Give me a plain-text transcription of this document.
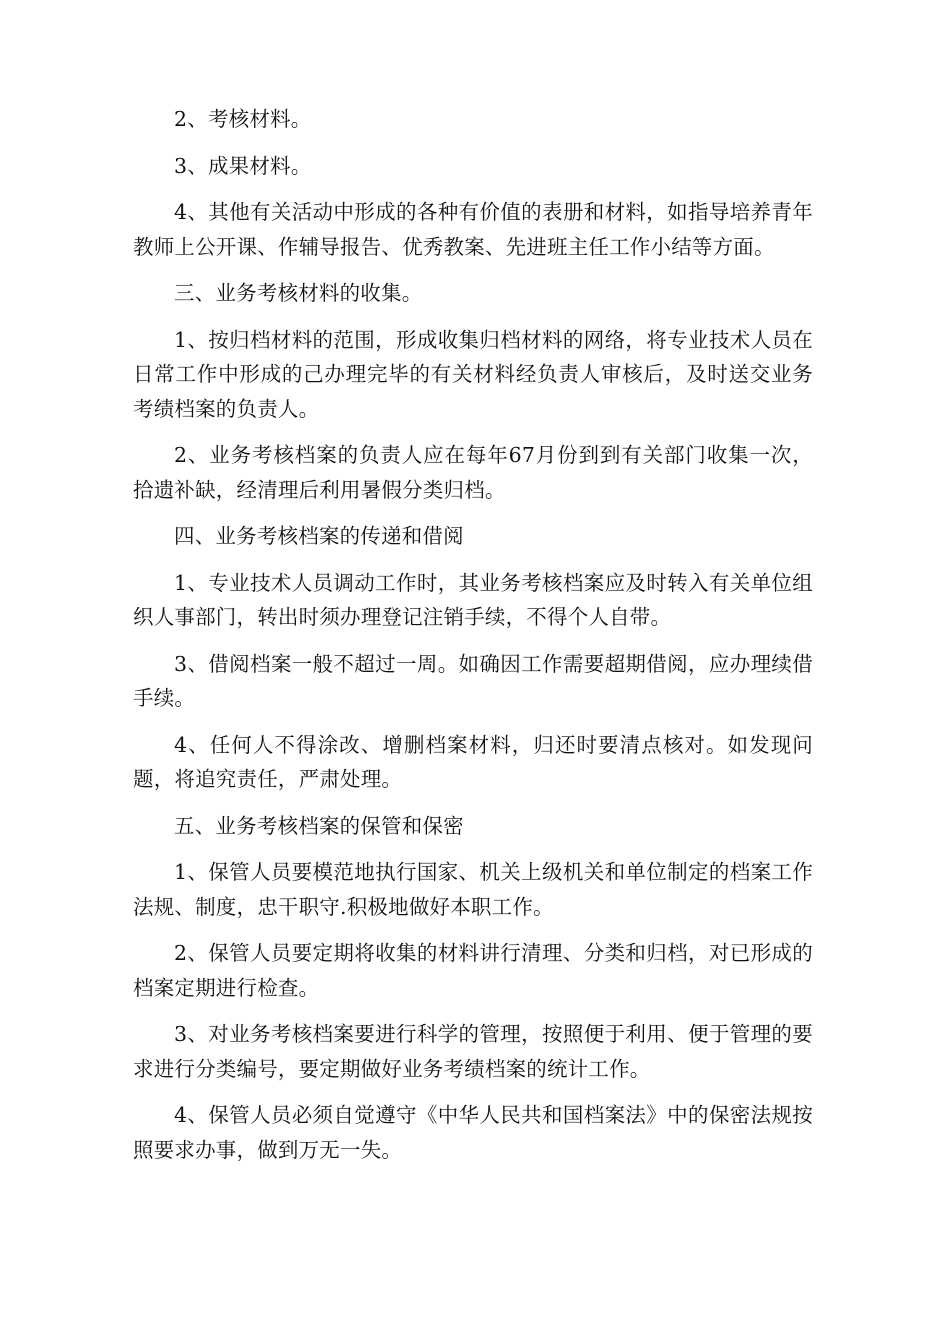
2、考核材料。

3、成果材料。

4、其他有关活动中形成的各种有价值的表册和材料，如指导培养青年教师上公开课、作辅导报告、优秀教案、先进班主任工作小结等方面。

三、业务考核材料的收集。

1、按归档材料的范围，形成收集归档材料的网络，将专业技术人员在日常工作中形成的己办理完毕的有关材料经负责人审核后，及时送交业务考绩档案的负责人。

2、业务考核档案的负责人应在每年67月份到到有关部门收集一次，拾遗补缺，经清理后利用暑假分类归档。

四、业务考核档案的传递和借阅

1、专业技术人员调动工作时，其业务考核档案应及时转入有关单位组织人事部门，转出时须办理登记注销手续，不得个人自带。

3、借阅档案一般不超过一周。如确因工作需要超期借阅，应办理续借手续。

4、任何人不得涂改、增删档案材料，归还时要清点核对。如发现问题，将追究责任，严肃处理。

五、业务考核档案的保管和保密

1、保管人员要模范地执行国家、机关上级机关和单位制定的档案工作法规、制度，忠干职守.积极地做好本职工作。

2、保管人员要定期将收集的材料讲行清理、分类和归档，对已形成的档案定期进行检查。

3、对业务考核档案要进行科学的管理，按照便于利用、便于管理的要求进行分类编号，要定期做好业务考绩档案的统计工作。

4、保管人员必须自觉遵守《中华人民共和国档案法》中的保密法规按照要求办事，做到万无一失。
